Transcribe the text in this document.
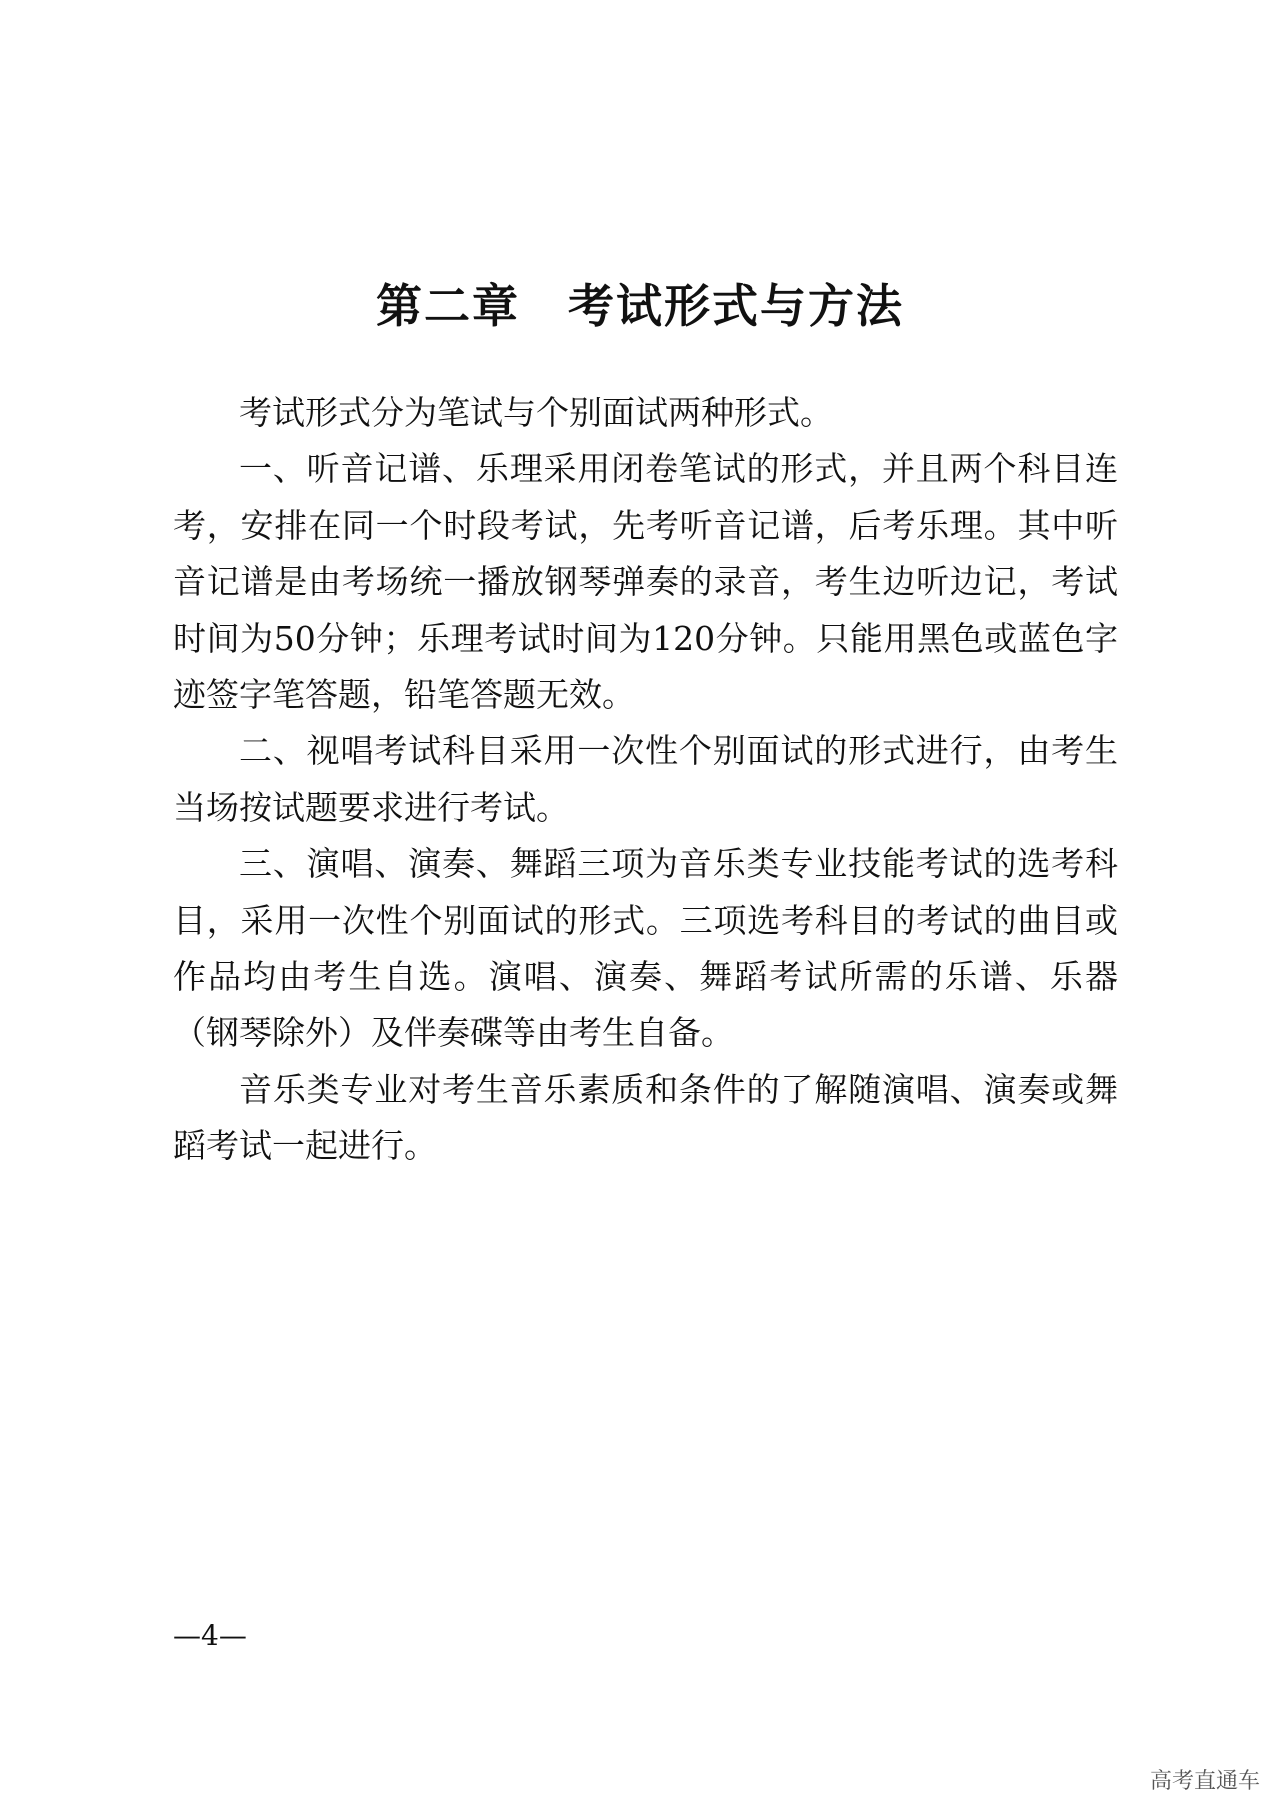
第二章　考试形式与方法

考试形式分为笔试与个别面试两种形式。

一、听音记谱、乐理采用闭卷笔试的形式，并且两个科目连考，安排在同一个时段考试，先考听音记谱，后考乐理。其中听音记谱是由考场统一播放钢琴弹奏的录音，考生边听边记，考试时间为50分钟；乐理考试时间为120分钟。只能用黑色或蓝色字迹签字笔答题，铅笔答题无效。

二、视唱考试科目采用一次性个别面试的形式进行，由考生当场按试题要求进行考试。

三、演唱、演奏、舞蹈三项为音乐类专业技能考试的选考科目，采用一次性个别面试的形式。三项选考科目的考试的曲目或作品均由考生自选。演唱、演奏、舞蹈考试所需的乐谱、乐器（钢琴除外）及伴奏碟等由考生自备。

音乐类专业对考生音乐素质和条件的了解随演唱、演奏或舞蹈考试一起进行。

—4—
高考直通车
